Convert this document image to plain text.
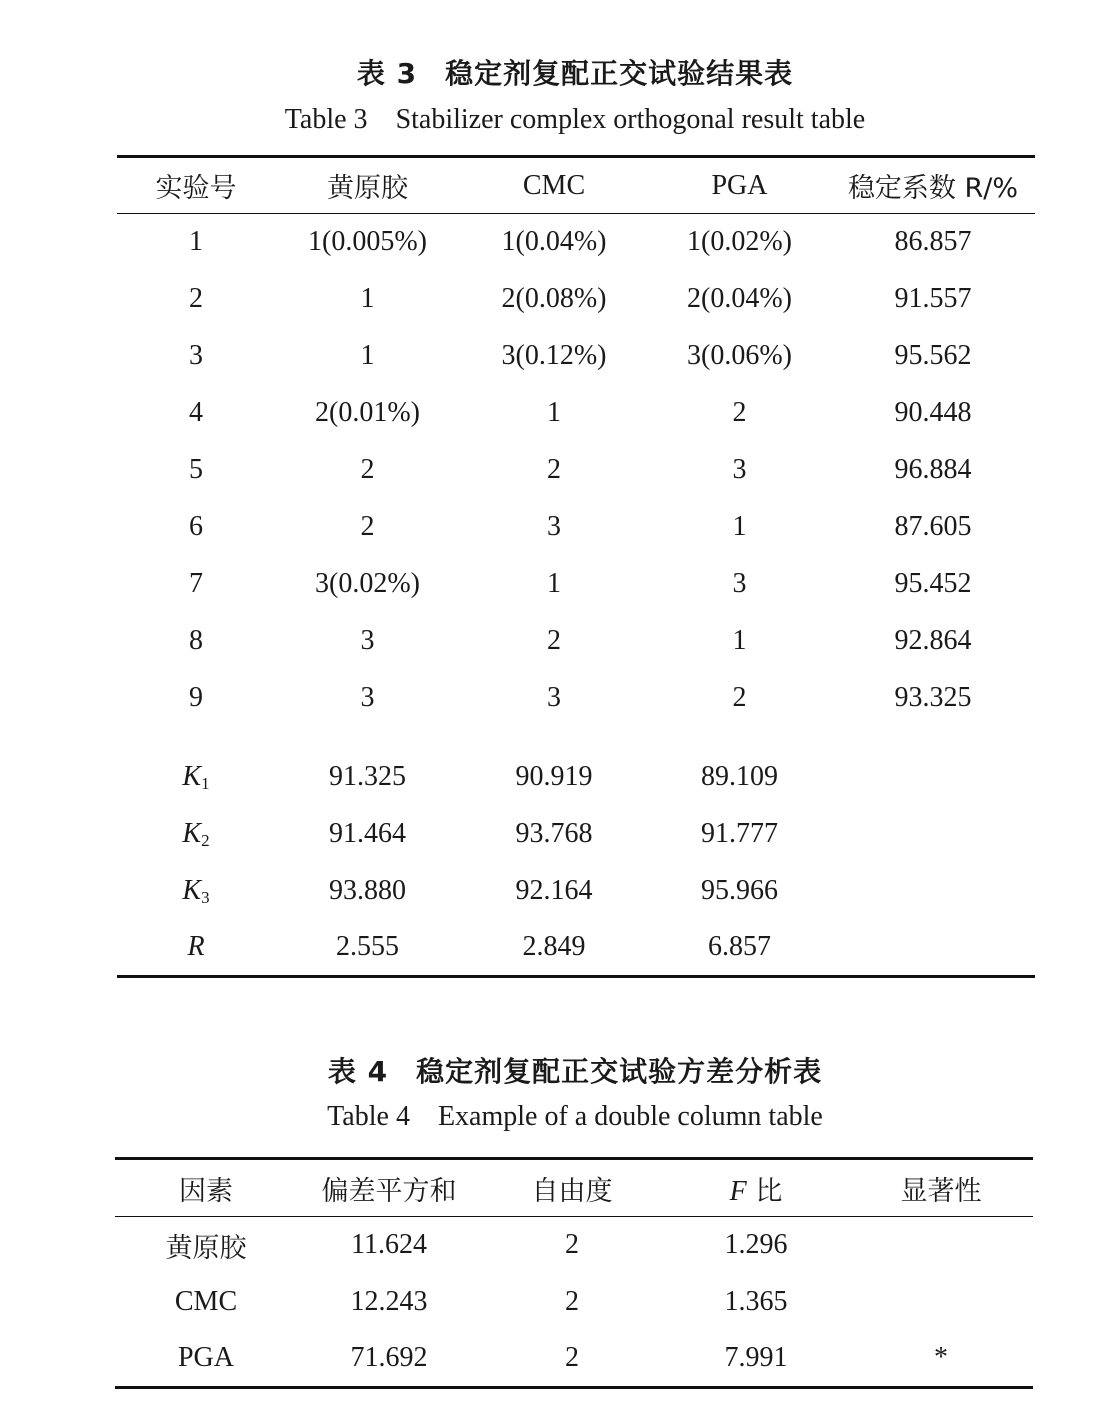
表 3 稳定剂复配正交试验结果表
Table 3 Stabilizer complex orthogonal result table
实验号	黄原胶	CMC	PGA	稳定系数 R/%
1	1(0.005%)	1(0.04%)	1(0.02%)	86.857
2	1	2(0.08%)	2(0.04%)	91.557
3	1	3(0.12%)	3(0.06%)	95.562
4	2(0.01%)	1	2	90.448
5	2	2	3	96.884
6	2	3	1	87.605
7	3(0.02%)	1	3	95.452
8	3	2	1	92.864
9	3	3	2	93.325

$K_1$	91.325	90.919	89.109	
$K_2$	91.464	93.768	91.777	
$K_3$	93.880	92.164	95.966	
R	2.555	2.849	6.857	
表 4 稳定剂复配正交试验方差分析表
Table 4 Example of a double column table
因素	偏差平方和	自由度	F 比	显著性
黄原胶	11.624	2	1.296	
CMC	12.243	2	1.365	
PGA	71.692	2	7.991	*
